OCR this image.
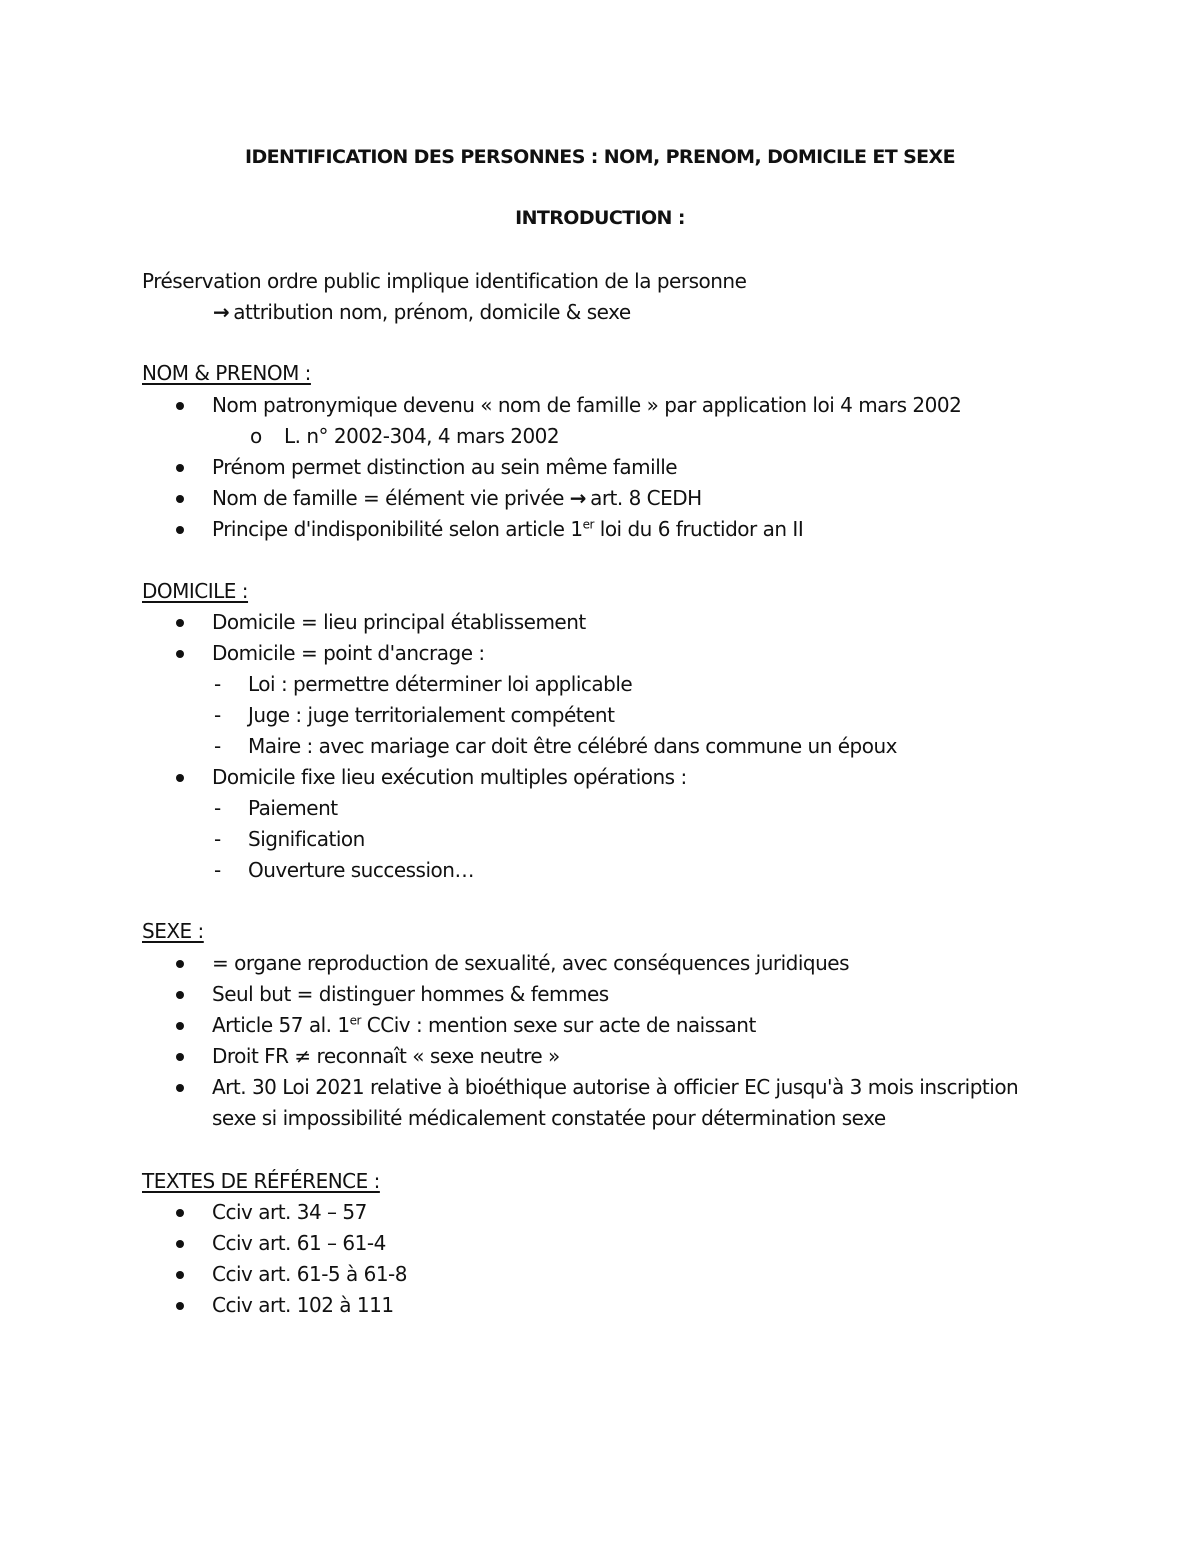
IDENTIFICATION DES PERSONNES : NOM, PRENOM, DOMICILE ET SEXE
INTRODUCTION :
Préservation ordre public implique identification de la personne
→ attribution nom, prénom, domicile & sexe
NOM & PRENOM :
Nom patronymique devenu « nom de famille » par application loi 4 mars 2002
o L. n° 2002-304, 4 mars 2002
Prénom permet distinction au sein même famille
Nom de famille = élément vie privée → art. 8 CEDH
Principe d'indisponibilité selon article 1er loi du 6 fructidor an II
DOMICILE :
Domicile = lieu principal établissement
Domicile = point d'ancrage :
- Loi : permettre déterminer loi applicable
- Juge : juge territorialement compétent
- Maire : avec mariage car doit être célébré dans commune un époux
Domicile fixe lieu exécution multiples opérations :
- Paiement
- Signification
- Ouverture succession…
SEXE :
= organe reproduction de sexualité, avec conséquences juridiques
Seul but = distinguer hommes & femmes
Article 57 al. 1er CCiv : mention sexe sur acte de naissant
Droit FR ≠ reconnaît « sexe neutre »
Art. 30 Loi 2021 relative à bioéthique autorise à officier EC jusqu'à 3 mois inscription
sexe si impossibilité médicalement constatée pour détermination sexe
TEXTES DE RÉFÉRENCE :
Cciv art. 34 – 57
Cciv art. 61 – 61-4
Cciv art. 61-5 à 61-8
Cciv art. 102 à 111
